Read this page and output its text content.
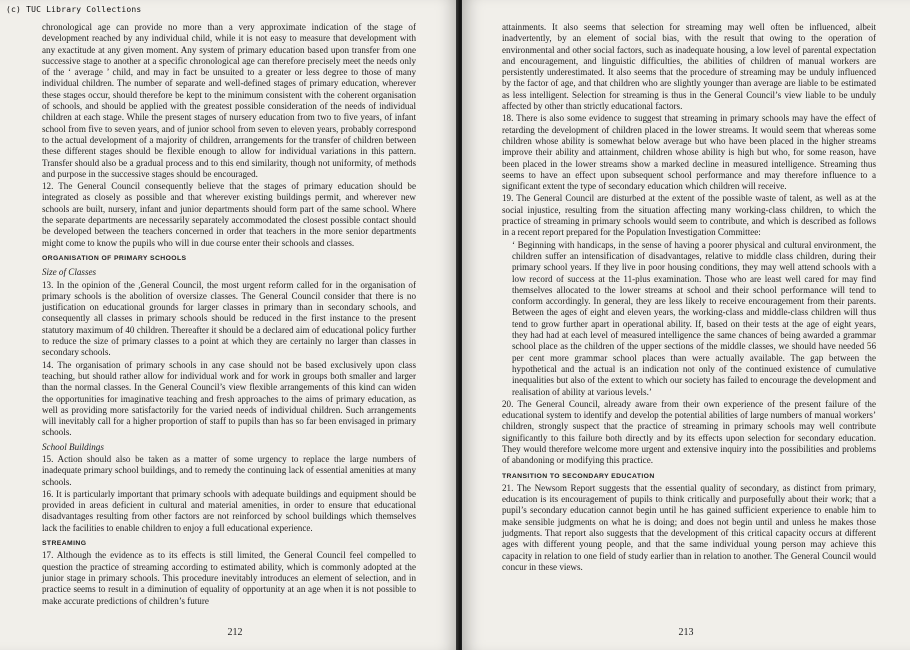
(c) TUC Library Collections

chronological age can provide no more than a very approximate indication of the stage of development reached by any individual child, while it is not easy to measure that development with any exactitude at any given moment. Any system of primary education based upon transfer from one successive stage to another at a specific chronological age can therefore precisely meet the needs only of the ‘ average ’ child, and may in fact be unsuited to a greater or less degree to those of many individual children. The number of separate and well-defined stages of primary education, wherever these stages occur, should therefore be kept to the minimum consistent with the coherent organisation of schools, and should be applied with the greatest possible consideration of the needs of individual children at each stage. While the present stages of nursery education from two to five years, of infant school from five to seven years, and of junior school from seven to eleven years, probably correspond to the actual development of a majority of children, arrangements for the transfer of children between these different stages should be flexible enough to allow for individual variations in this pattern. Transfer should also be a gradual process and to this end similarity, though not uniformity, of methods and purpose in the successive stages should be encouraged.

12. The General Council consequently believe that the stages of primary education should be integrated as closely as possible and that wherever existing buildings permit, and wherever new schools are built, nursery, infant and junior departments should form part of the same school. Where the separate departments are necessarily separately accommodated the closest possible contact should be developed between the teachers concerned in order that teachers in the more senior departments might come to know the pupils who will in due course enter their schools and classes.

ORGANISATION OF PRIMARY SCHOOLS
Size of Classes

13. In the opinion of the ,General Council, the most urgent reform called for in the organisation of primary schools is the abolition of oversize classes. The General Council consider that there is no justification on educational grounds for larger classes in primary than in secondary schools, and consequently all classes in primary schools should be reduced in the first instance to the present statutory maximum of 40 children. Thereafter it should be a declared aim of educational policy further to reduce the size of primary classes to a point at which they are certainly no larger than classes in secondary schools.

14. The organisation of primary schools in any case should not be based exclusively upon class teaching, but should rather allow for individual work and for work in groups both smaller and larger than the normal classes. In the General Council’s view flexible arrangements of this kind can widen the opportunities for imaginative teaching and fresh approaches to the aims of primary education, as well as providing more satisfactorily for the varied needs of individual children. Such arrangements will inevitably call for a higher proportion of staff to pupils than has so far been envisaged in primary schools.

School Buildings

15. Action should also be taken as a matter of some urgency to replace the large numbers of inadequate primary school buildings, and to remedy the continuing lack of essential amenities at many schools.

16. It is particularly important that primary schools with adequate buildings and equipment should be provided in areas deficient in cultural and material amenities, in order to ensure that educational disadvantages resulting from other factors are not reinforced by school buildings which themselves lack the facilities to enable children to enjoy a full educational experience.

STREAMING

17. Although the evidence as to its effects is still limited, the General Council feel compelled to question the practice of streaming according to estimated ability, which is commonly adopted at the junior stage in primary schools. This procedure inevitably introduces an element of selection, and in practice seems to result in a diminution of equality of opportunity at an age when it is not possible to make accurate predictions of children’s future

212

attainments. It also seems that selection for streaming may well often be influenced, albeit inadvertently, by an element of social bias, with the result that owing to the operation of environmental and other social factors, such as inadequate housing, a low level of parental expectation and encouragement, and linguistic difficulties, the abilities of children of manual workers are persistently underestimated. It also seems that the procedure of streaming may be unduly influenced by the factor of age, and that children who are slightly younger than average are liable to be estimated as less intelligent. Selection for streaming is thus in the General Council’s view liable to be unduly affected by other than strictly educational factors.

18. There is also some evidence to suggest that streaming in primary schools may have the effect of retarding the development of children placed in the lower streams. It would seem that whereas some children whose ability is somewhat below average but who have been placed in the higher streams improve their ability and attainment, children whose ability is high but who, for some reason, have been placed in the lower streams show a marked decline in measured intelligence. Streaming thus seems to have an effect upon subsequent school performance and may therefore influence to a significant extent the type of secondary education which children will receive.

19. The General Council are disturbed at the extent of the possible waste of talent, as well as at the social injustice, resulting from the situation affecting many working-class children, to which the practice of streaming in primary schools would seem to contribute, and which is described as follows in a recent report prepared for the Population Investigation Committee:

‘ Beginning with handicaps, in the sense of having a poorer physical and cultural environment, the children suffer an intensification of disadvantages, relative to middle class children, during their primary school years. If they live in poor housing conditions, they may well attend schools with a low record of success at the 11-plus examination. Those who are least well cared for may find themselves allocated to the lower streams at school and their school performance will tend to conform accordingly. In general, they are less likely to receive encouragement from their parents. Between the ages of eight and eleven years, the working-class and middle-class children will thus tend to grow further apart in operational ability. If, based on their tests at the age of eight years, they had had at each level of measured intelligence the same chances of being awarded a grammar school place as the children of the upper sections of the middle classes, we should have needed 56 per cent more grammar school places than were actually available. The gap between the hypothetical and the actual is an indication not only of the continued existence of cumulative inequalities but also of the extent to which our society has failed to encourage the development and realisation of ability at various levels.’

20. The General Council, already aware from their own experience of the present failure of the educational system to identify and develop the potential abilities of large numbers of manual workers’ children, strongly suspect that the practice of streaming in primary schools may well contribute significantly to this failure both directly and by its effects upon selection for secondary education. They would therefore welcome more urgent and extensive inquiry into the possibilities and problems of abandoning or modifying this practice.

TRANSITION TO SECONDARY EDUCATION

21. The Newsom Report suggests that the essential quality of secondary, as distinct from primary, education is its encouragement of pupils to think critically and purposefully about their work; that a pupil’s secondary education cannot begin until he has gained sufficient experience to enable him to make sensible judgments on what he is doing; and does not begin until and unless he makes those judgments. That report also suggests that the development of this critical capacity occurs at different ages with different young people, and that the same individual young person may achieve this capacity in relation to one field of study earlier than in relation to another. The General Council would concur in these views.

213
